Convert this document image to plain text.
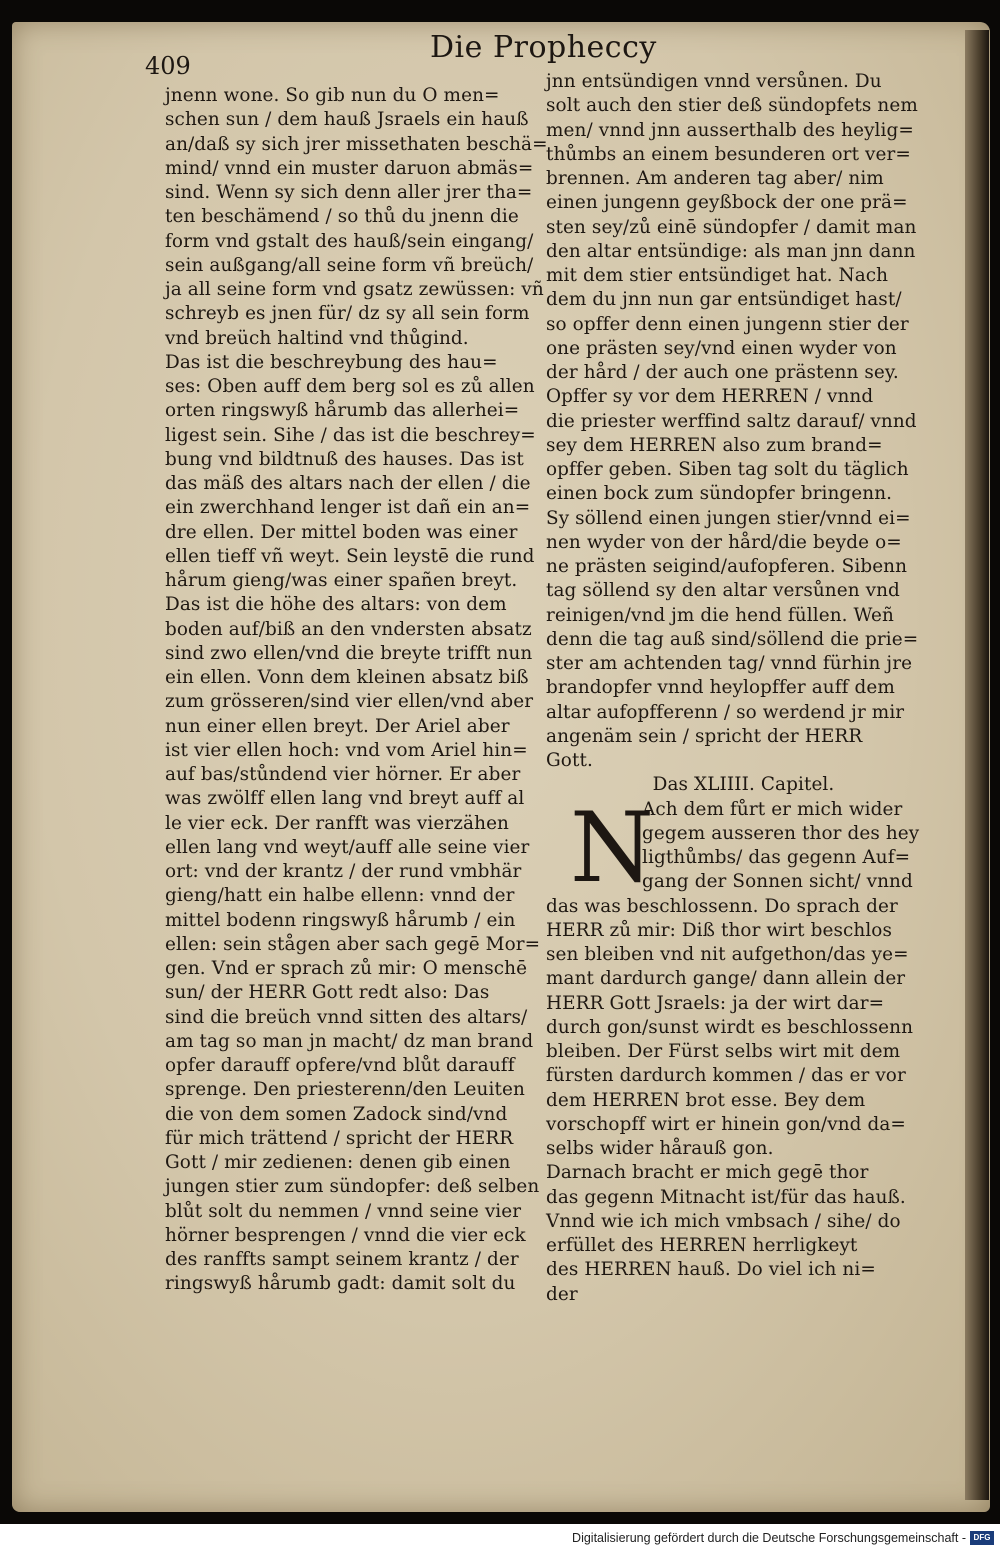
409
Die Propheccy
jnenn wone. So gib nun du O men=
schen sun / dem hauß Jsraels ein hauß
an/daß sy sich jrer missethaten beschä=
mind/ vnnd ein muster daruon abmäs=
sind. Wenn sy sich denn aller jrer tha=
ten beschämend / so thů du jnenn die
form vnd gstalt des hauß/sein eingang/
sein außgang/all seine form vñ breüch/
ja all seine form vnd gsatz zewüssen: vñ
schreyb es jnen für/ dz sy all sein form
vnd breüch haltind vnd thůgind.
Das ist die beschreybung des hau=
ses: Oben auff dem berg sol es zů allen
orten ringswyß hårumb das allerhei=
ligest sein. Sihe / das ist die beschrey=
bung vnd bildtnuß des hauses. Das ist
das mäß des altars nach der ellen / die
ein zwerchhand lenger ist dañ ein an=
dre ellen. Der mittel boden was einer
ellen tieff vñ weyt. Sein leystē die rund
hårum gieng/was einer spañen breyt.
Das ist die höhe des altars: von dem
boden auf/biß an den vndersten absatz
sind zwo ellen/vnd die breyte trifft nun
ein ellen. Vonn dem kleinen absatz biß
zum grösseren/sind vier ellen/vnd aber
nun einer ellen breyt. Der Ariel aber
ist vier ellen hoch: vnd vom Ariel hin=
auf bas/stůndend vier hörner. Er aber
was zwölff ellen lang vnd breyt auff al
le vier eck. Der ranfft was vierzähen
ellen lang vnd weyt/auff alle seine vier
ort: vnd der krantz / der rund vmbhär
gieng/hatt ein halbe ellenn: vnnd der
mittel bodenn ringswyß hårumb / ein
ellen: sein stågen aber sach gegē Mor=
gen. Vnd er sprach zů mir: O menschē
sun/ der HERR Gott redt also: Das
sind die breüch vnnd sitten des altars/
am tag so man jn macht/ dz man brand
opfer darauff opfere/vnd blůt darauff
sprenge. Den priesterenn/den Leuiten
die von dem somen Zadock sind/vnd
für mich trättend / spricht der HERR
Gott / mir zedienen: denen gib einen
jungen stier zum sündopfer: deß selben
blůt solt du nemmen / vnnd seine vier
hörner besprengen / vnnd die vier eck
des ranffts sampt seinem krantz / der
ringswyß hårumb gadt: damit solt du
jnn entsündigen vnnd versůnen. Du
solt auch den stier deß sündopfets nem
men/ vnnd jnn ausserthalb des heylig=
thůmbs an einem besunderen ort ver=
brennen. Am anderen tag aber/ nim
einen jungenn geyßbock der one prä=
sten sey/zů einē sündopfer / damit man
den altar entsündige: als man jnn dann
mit dem stier entsündiget hat. Nach
dem du jnn nun gar entsündiget hast/
so opffer denn einen jungenn stier der
one prästen sey/vnd einen wyder von
der hård / der auch one prästenn sey.
Opffer sy vor dem HERREN / vnnd
die priester werffind saltz darauf/ vnnd
sey dem HERREN also zum brand=
opffer geben. Siben tag solt du täglich
einen bock zum sündopfer bringenn.
Sy söllend einen jungen stier/vnnd ei=
nen wyder von der hård/die beyde o=
ne prästen seigind/aufopferen. Sibenn
tag söllend sy den altar versůnen vnd
reinigen/vnd jm die hend füllen. Weñ
denn die tag auß sind/söllend die prie=
ster am achtenden tag/ vnnd fürhin jre
brandopfer vnnd heylopffer auff dem
altar aufopfferenn / so werdend jr mir
angenäm sein / spricht der HERR
Gott.
Das XLIIII. Capitel.
Ach dem fůrt er mich wider
gegem ausseren thor des hey
ligthůmbs/ das gegenn Auf=
gang der Sonnen sicht/ vnnd
das was beschlossenn. Do sprach der
HERR zů mir: Diß thor wirt beschlos
sen bleiben vnd nit aufgethon/das ye=
mant dardurch gange/ dann allein der
HERR Gott Jsraels: ja der wirt dar=
durch gon/sunst wirdt es beschlossenn
bleiben. Der Fürst selbs wirt mit dem
fürsten dardurch kommen / das er vor
dem HERREN brot esse. Bey dem
vorschopff wirt er hinein gon/vnd da=
selbs wider hårauß gon.
Darnach bracht er mich gegē thor
das gegenn Mitnacht ist/für das hauß.
Vnnd wie ich mich vmbsach / sihe/ do
erfüllet des HERREN herrligkeyt
des HERREN hauß. Do viel ich ni=
der
N
Digitalisierung gefördert durch die Deutsche Forschungsgemeinschaft - DFG
